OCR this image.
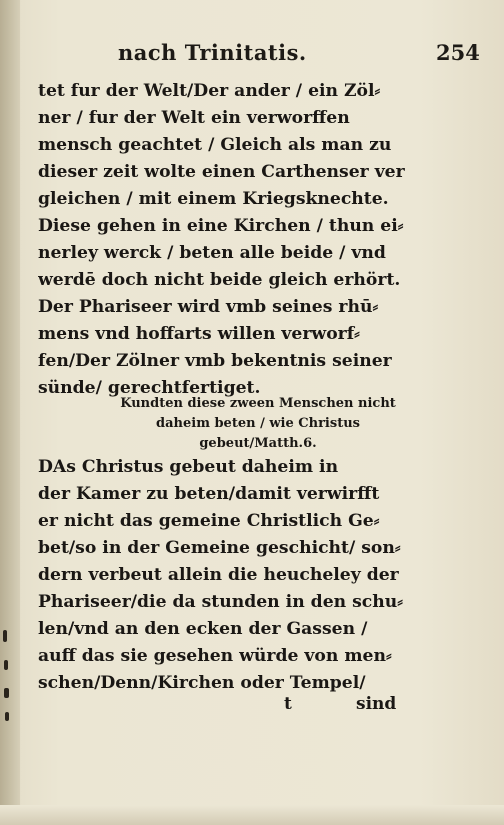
nach Trinitatis.	254
tet fur der Welt/Der ander / ein Zöl⸗
ner / fur der Welt ein verworffen
mensch geachtet / Gleich als man zu
dieser zeit wolte einen Carthenser ver
gleichen / mit einem Kriegsknechte.
Diese gehen in eine Kirchen / thun ei⸗
nerley werck / beten alle beide / vnd
werdē doch nicht beide gleich erhört.
Der Phariseer wird vmb seines rhū⸗
mens vnd hoffarts willen verworf⸗
fen/Der Zölner vmb bekentnis seiner
sünde/ gerechtfertiget.
Kundten diese zween Menschen nicht
daheim beten / wie Christus
gebeut/Matth.6.
DAs Christus gebeut daheim in
der Kamer zu beten/damit verwirfft
er nicht das gemeine Christlich Ge⸗
bet/so in der Gemeine geschicht/ son⸗
dern verbeut allein die heucheley der
Phariseer/die da stunden in den schu⸗
len/vnd an den ecken der Gassen /
auff das sie gesehen würde von men⸗
schen/Denn/Kirchen oder Tempel/
t	sind
